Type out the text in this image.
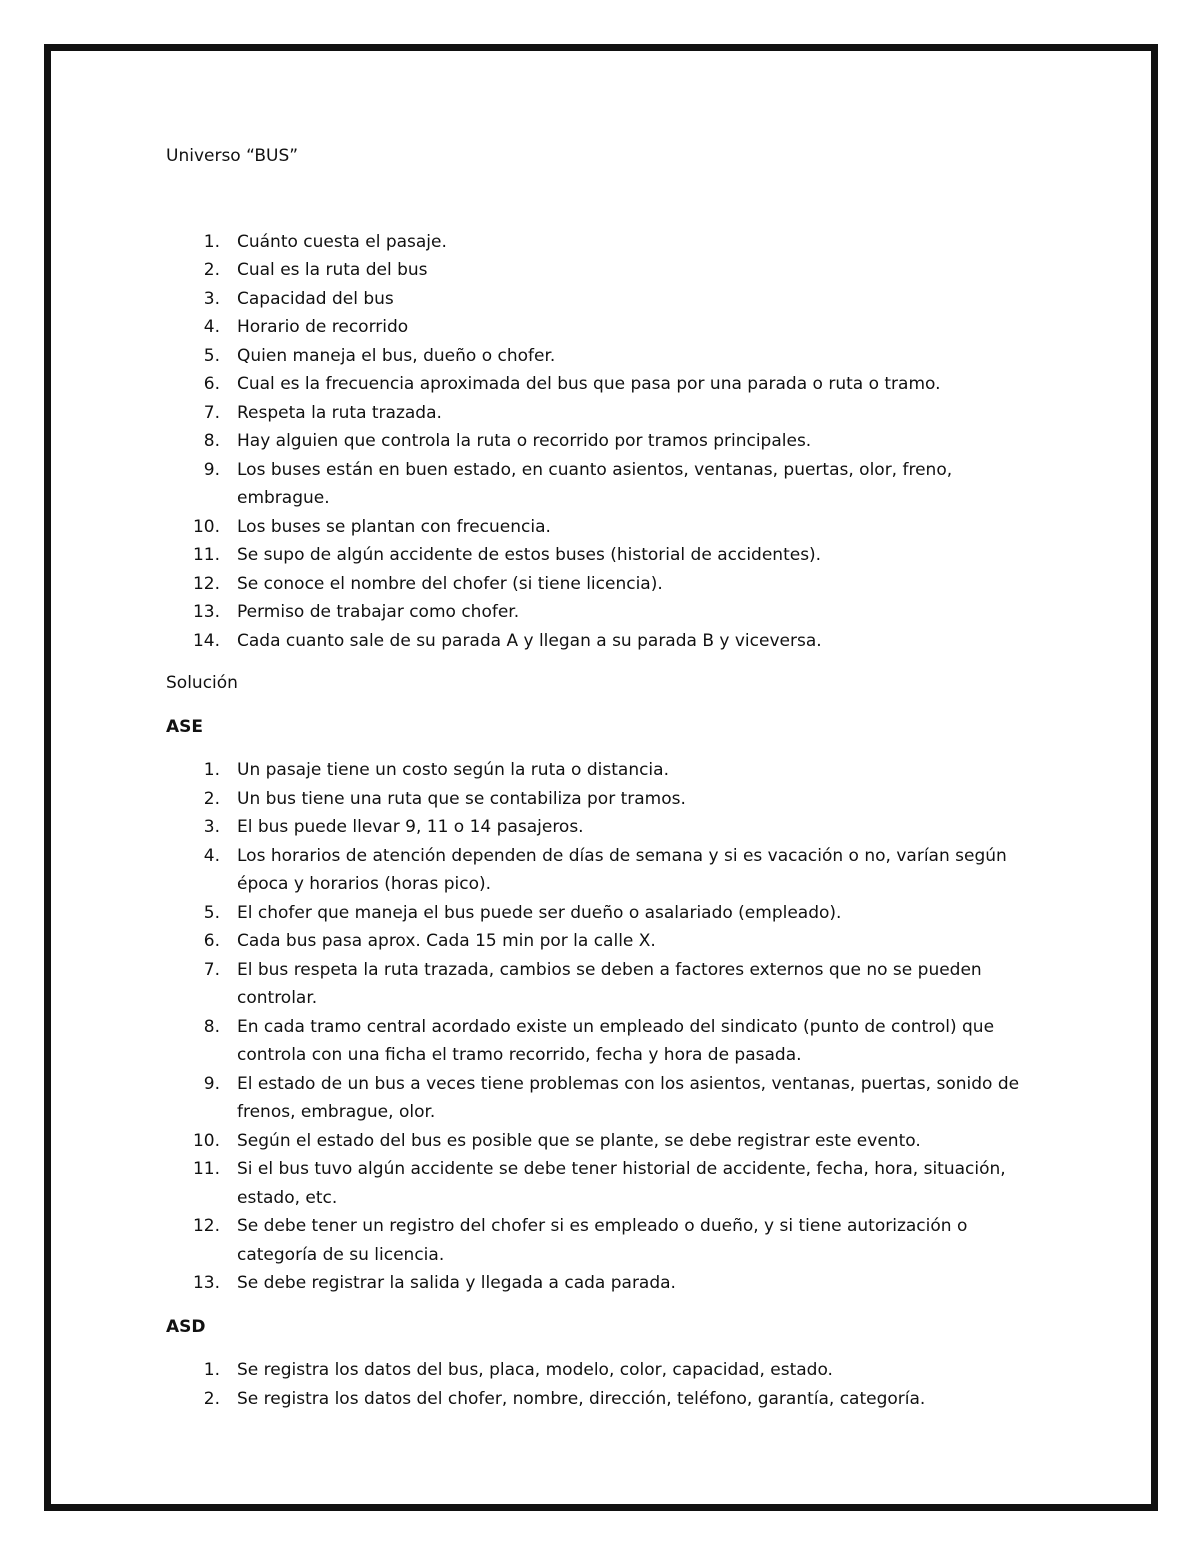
Universo “BUS”

1. Cuánto cuesta el pasaje.
2. Cual es la ruta del bus
3. Capacidad del bus
4. Horario de recorrido
5. Quien maneja el bus, dueño o chofer.
6. Cual es la frecuencia aproximada del bus que pasa por una parada o ruta o tramo.
7. Respeta la ruta trazada.
8. Hay alguien que controla la ruta o recorrido por tramos principales.
9. Los buses están en buen estado, en cuanto asientos, ventanas, puertas, olor, freno, embrague.
10. Los buses se plantan con frecuencia.
11. Se supo de algún accidente de estos buses (historial de accidentes).
12. Se conoce el nombre del chofer (si tiene licencia).
13. Permiso de trabajar como chofer.
14. Cada cuanto sale de su parada A y llegan a su parada B y viceversa.

Solución

ASE

1. Un pasaje tiene un costo según la ruta o distancia.
2. Un bus tiene una ruta que se contabiliza por tramos.
3. El bus puede llevar 9, 11 o 14 pasajeros.
4. Los horarios de atención dependen de días de semana y si es vacación o no, varían según época y horarios (horas pico).
5. El chofer que maneja el bus puede ser dueño o asalariado (empleado).
6. Cada bus pasa aprox. Cada 15 min por la calle X.
7. El bus respeta la ruta trazada, cambios se deben a factores externos que no se pueden controlar.
8. En cada tramo central acordado existe un empleado del sindicato (punto de control) que controla con una ficha el tramo recorrido, fecha y hora de pasada.
9. El estado de un bus a veces tiene problemas con los asientos, ventanas, puertas, sonido de frenos, embrague, olor.
10. Según el estado del bus es posible que se plante, se debe registrar este evento.
11. Si el bus tuvo algún accidente se debe tener historial de accidente, fecha, hora, situación, estado, etc.
12. Se debe tener un registro del chofer si es empleado o dueño, y si tiene autorización o categoría de su licencia.
13. Se debe registrar la salida y llegada a cada parada.

ASD

1. Se registra los datos del bus, placa, modelo, color, capacidad, estado.
2. Se registra los datos del chofer, nombre, dirección, teléfono, garantía, categoría.
